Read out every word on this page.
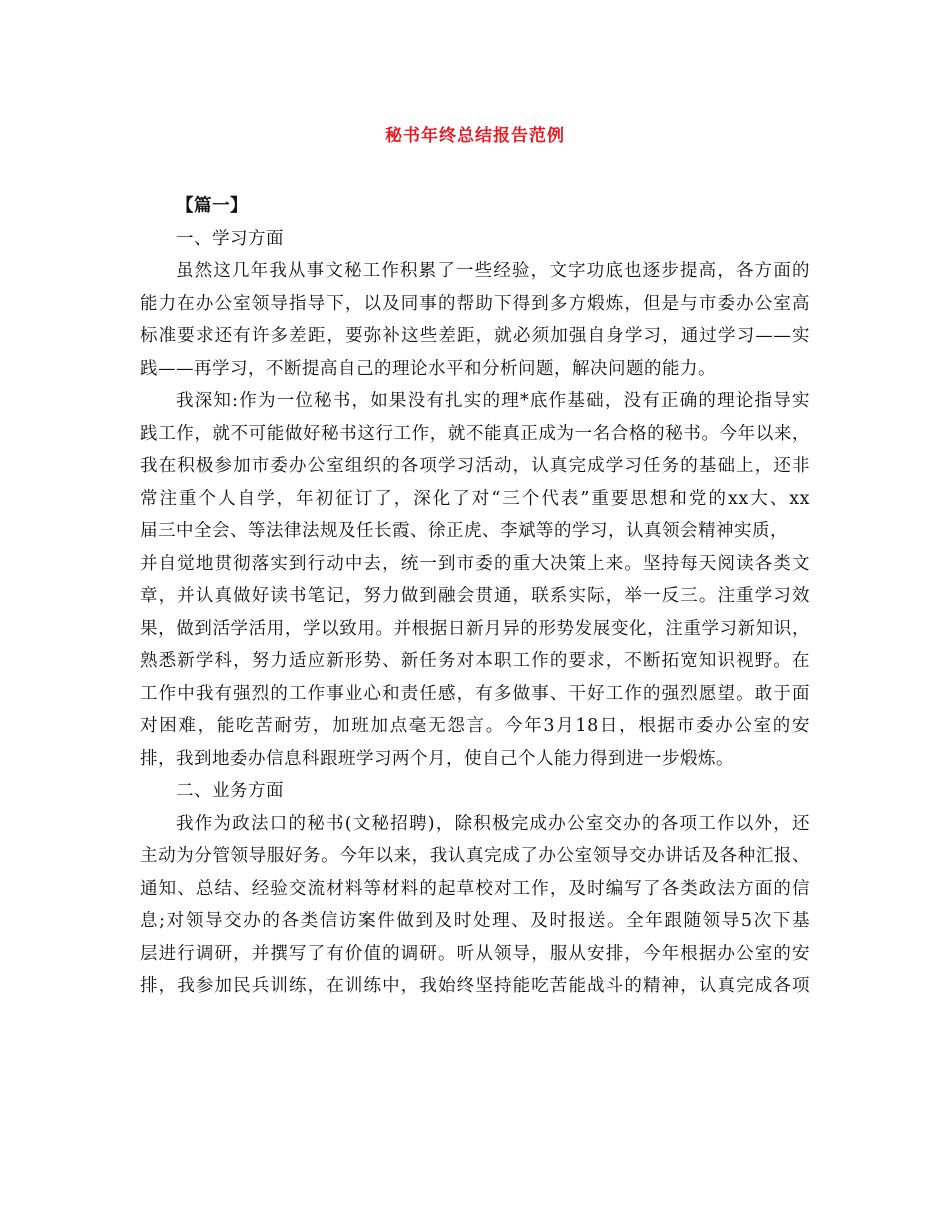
秘书年终总结报告范例
【篇一】
一、学习方面
虽然这几年我从事文秘工作积累了一些经验，文字功底也逐步提高，各方面的
能力在办公室领导指导下，以及同事的帮助下得到多方煅炼，但是与市委办公室高
标准要求还有许多差距，要弥补这些差距，就必须加强自身学习，通过学习——实
践——再学习，不断提高自己的理论水平和分析问题，解决问题的能力。
我深知:作为一位秘书，如果没有扎实的理*底作基础，没有正确的理论指导实
践工作，就不可能做好秘书这行工作，就不能真正成为一名合格的秘书。今年以来，
我在积极参加市委办公室组织的各项学习活动，认真完成学习任务的基础上，还非
常注重个人自学，年初征订了，深化了对“三个代表”重要思想和党的xx大、xx
届三中全会、等法律法规及任长霞、徐正虎、李斌等的学习，认真领会精神实质，
并自觉地贯彻落实到行动中去，统一到市委的重大决策上来。坚持每天阅读各类文
章，并认真做好读书笔记，努力做到融会贯通，联系实际，举一反三。注重学习效
果，做到活学活用，学以致用。并根据日新月异的形势发展变化，注重学习新知识，
熟悉新学科，努力适应新形势、新任务对本职工作的要求，不断拓宽知识视野。在
工作中我有强烈的工作事业心和责任感，有多做事、干好工作的强烈愿望。敢于面
对困难，能吃苦耐劳，加班加点毫无怨言。今年3月18日，根据市委办公室的安
排，我到地委办信息科跟班学习两个月，使自己个人能力得到进一步煅炼。
二、业务方面
我作为政法口的秘书(文秘招聘)，除积极完成办公室交办的各项工作以外，还
主动为分管领导服好务。今年以来，我认真完成了办公室领导交办讲话及各种汇报、
通知、总结、经验交流材料等材料的起草校对工作，及时编写了各类政法方面的信
息;对领导交办的各类信访案件做到及时处理、及时报送。全年跟随领导5次下基
层进行调研，并撰写了有价值的调研。听从领导，服从安排，今年根据办公室的安
排，我参加民兵训练，在训练中，我始终坚持能吃苦能战斗的精神，认真完成各项
